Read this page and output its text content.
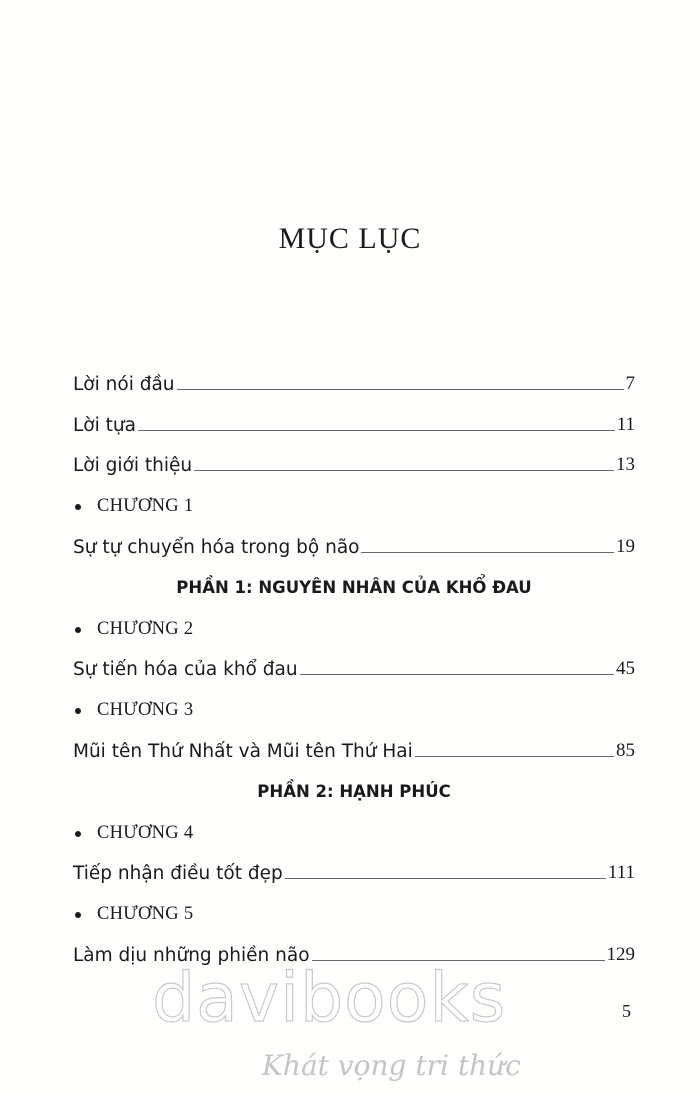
MỤC LỤC
Lời nói đầu	7
Lời tựa	11
Lời giới thiệu	13
CHƯƠNG 1
Sự tự chuyển hóa trong bộ não	19
PHẦN 1: NGUYÊN NHÂN CỦA KHỔ ĐAU
CHƯƠNG 2
Sự tiến hóa của khổ đau	45
CHƯƠNG 3
Mũi tên Thứ Nhất và Mũi tên Thứ Hai	85
PHẦN 2: HẠNH PHÚC
CHƯƠNG 4
Tiếp nhận điều tốt đẹp	111
CHƯƠNG 5
Làm dịu những phiền não	129
davibooks
Khát vọng tri thức
5
